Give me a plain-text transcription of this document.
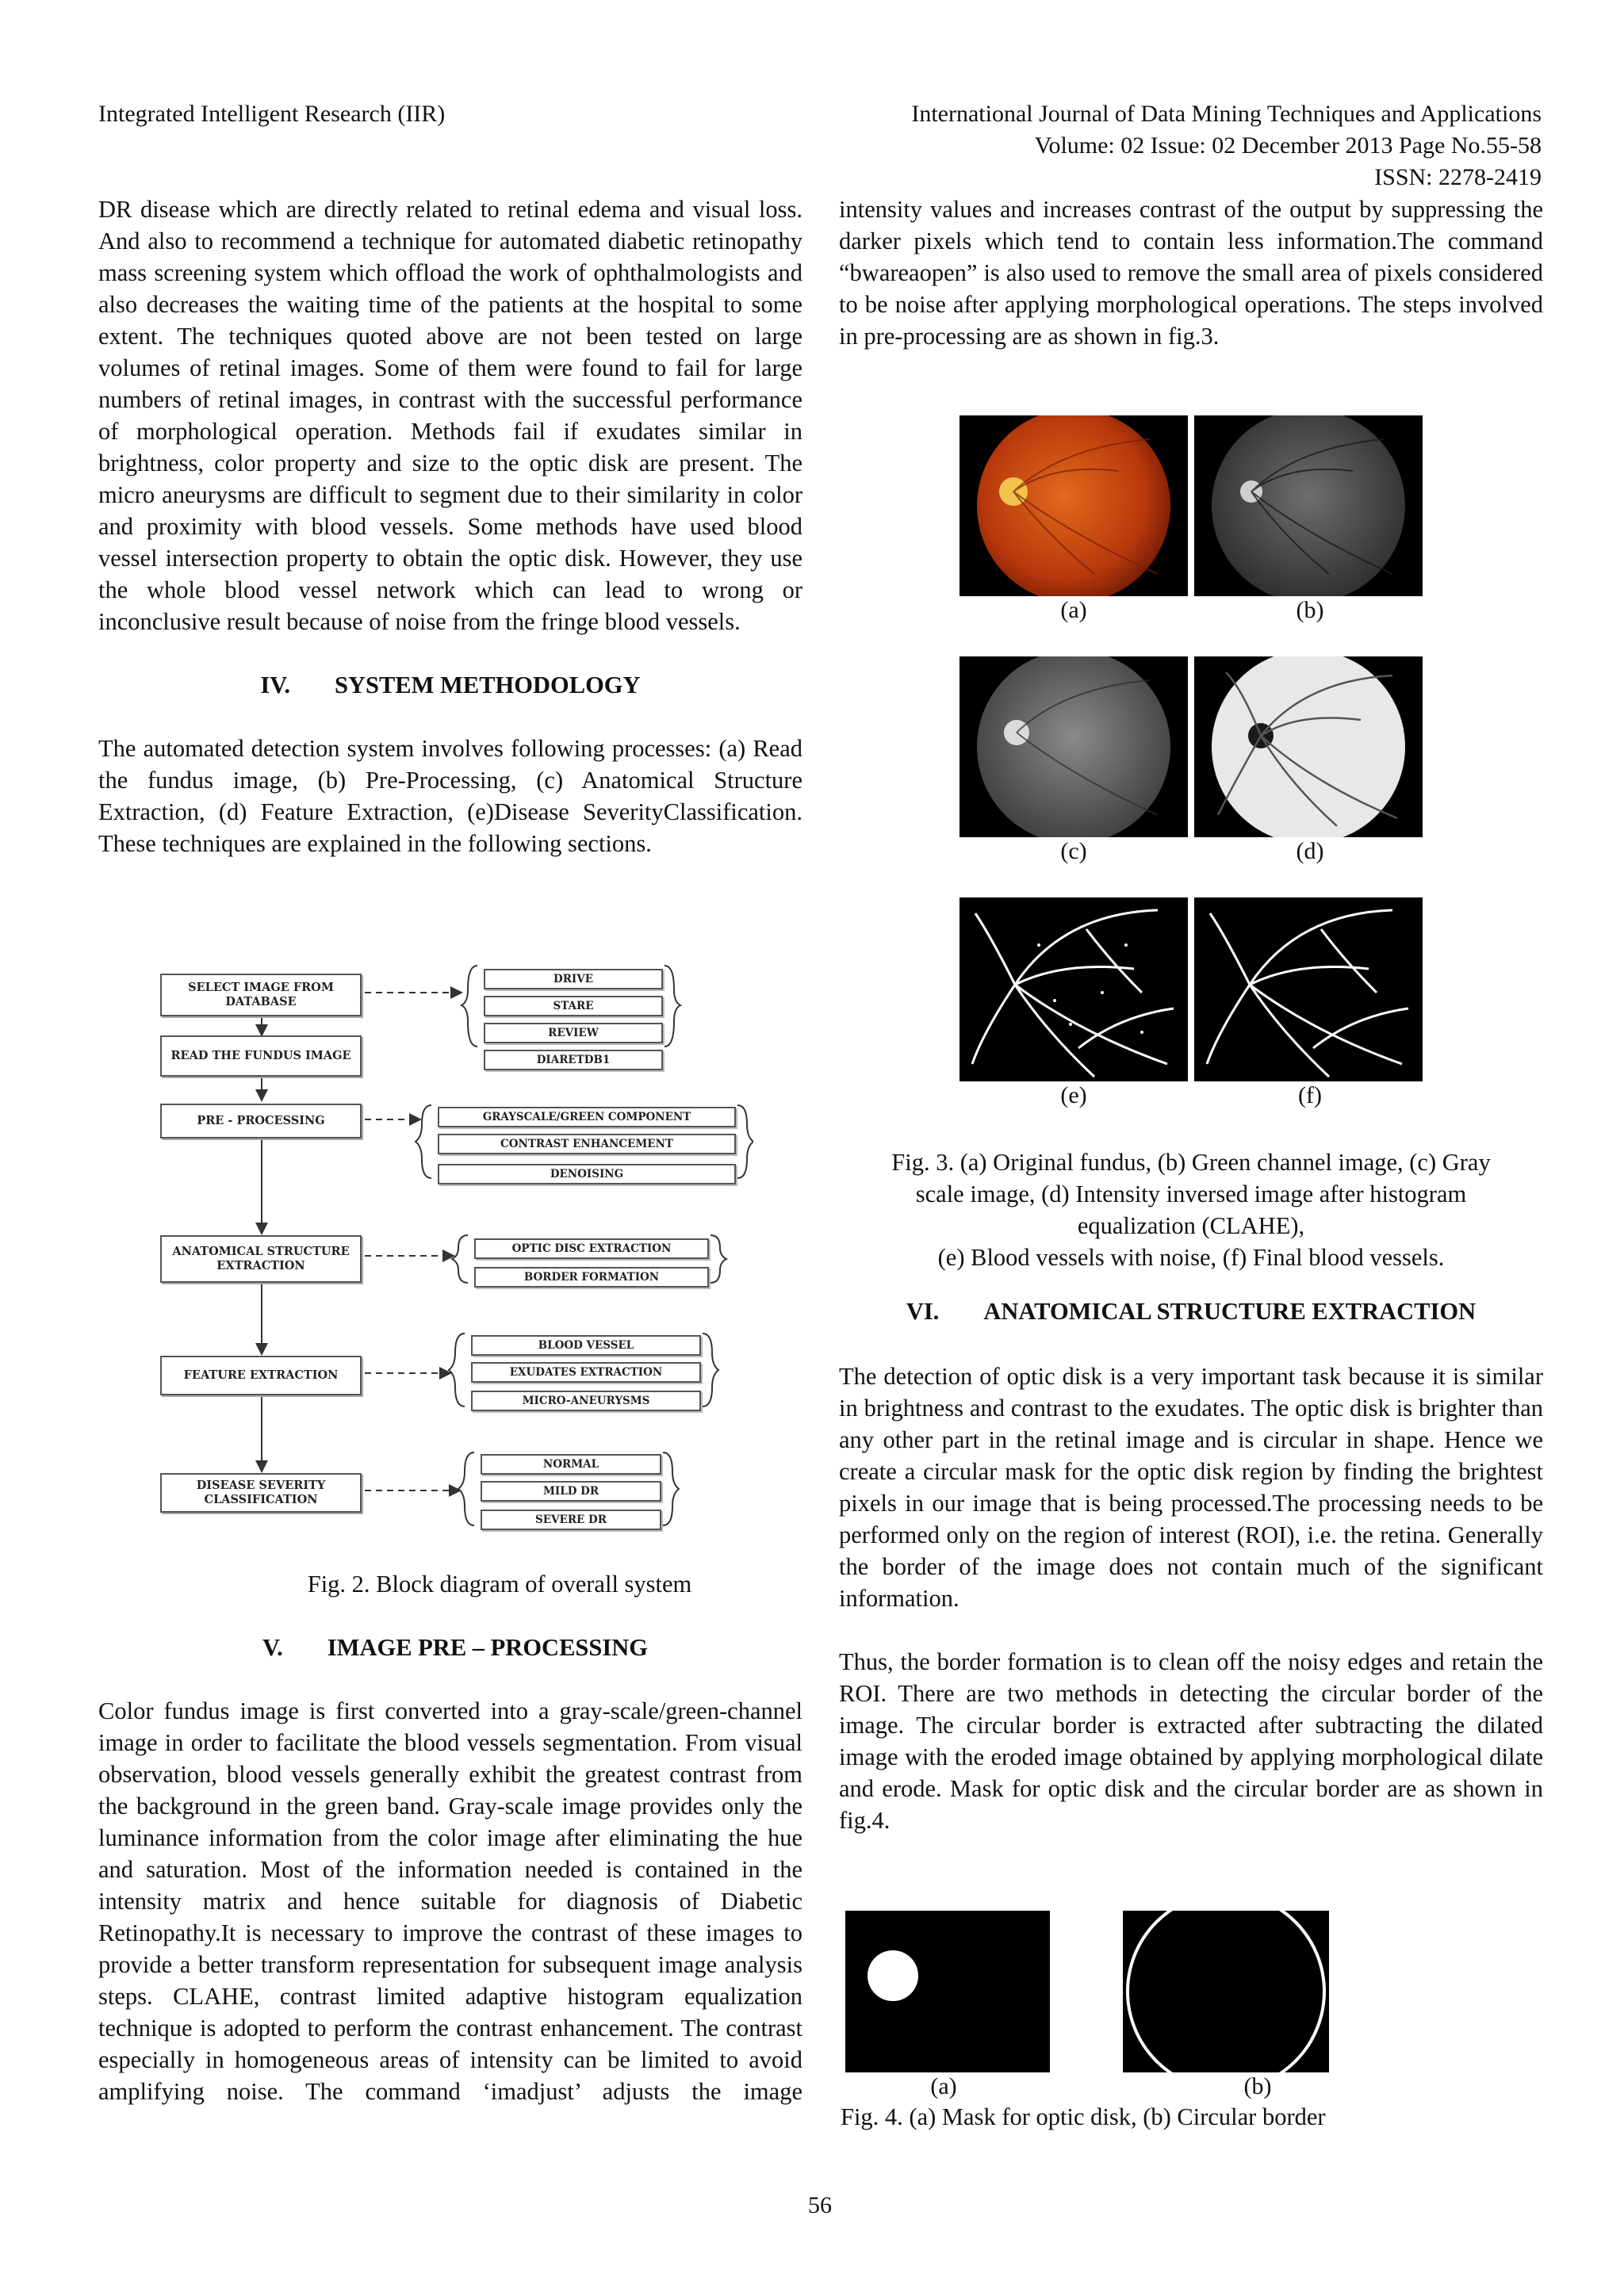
Integrated Intelligent Research (IIR)	International Journal of Data Mining Techniques and Applications
Volume: 02 Issue: 02 December 2013 Page No.55-58
ISSN: 2278-2419

DR disease which are directly related to retinal edema and visual loss. And also to recommend a technique for automated diabetic retinopathy mass screening system which offload the work of ophthalmologists and also decreases the waiting time of the patients at the hospital to some extent. The techniques quoted above are not been tested on large volumes of retinal images. Some of them were found to fail for large numbers of retinal images, in contrast with the successful performance of morphological operation. Methods fail if exudates similar in brightness, color property and size to the optic disk are present. The micro aneurysms are difficult to segment due to their similarity in color and proximity with blood vessels. Some methods have used blood vessel intersection property to obtain the optic disk. However, they use the whole blood vessel network which can lead to wrong or inconclusive result because of noise from the fringe blood vessels.

IV. SYSTEM METHODOLOGY

The automated detection system involves following processes: (a) Read the fundus image, (b) Pre-Processing, (c) Anatomical Structure Extraction, (d) Feature Extraction, (e)Disease SeverityClassification. These techniques are explained in the following sections.

SELECT IMAGE FROM DATABASE
READ THE FUNDUS IMAGE
PRE - PROCESSING
ANATOMICAL STRUCTURE EXTRACTION
FEATURE EXTRACTION
DISEASE SEVERITY CLASSIFICATION
DRIVE
STARE
REVIEW
DIARETDB1
GRAYSCALE/GREEN COMPONENT
CONTRAST ENHANCEMENT
DENOISING
OPTIC DISC EXTRACTION
BORDER FORMATION
BLOOD VESSEL
EXUDATES EXTRACTION
MICRO-ANEURYSMS
NORMAL
MILD DR
SEVERE DR
Fig. 2. Block diagram of overall system
V. IMAGE PRE – PROCESSING

Color fundus image is first converted into a gray-scale/green-channel image in order to facilitate the blood vessels segmentation. From visual observation, blood vessels generally exhibit the greatest contrast from the background in the green band. Gray-scale image provides only the luminance information from the color image after eliminating the hue and saturation. Most of the information needed is contained in the intensity matrix and hence suitable for diagnosis of Diabetic Retinopathy.It is necessary to improve the contrast of these images to provide a better transform representation for subsequent image analysis steps. CLAHE, contrast limited adaptive histogram equalization technique is adopted to perform the contrast enhancement. The contrast especially in homogeneous areas of intensity can be limited to avoid amplifying noise. The command ‘imadjust’ adjusts the image

intensity values and increases contrast of the output by suppressing the darker pixels which tend to contain less information.The command “bwareaopen” is also used to remove the small area of pixels considered to be noise after applying morphological operations. The steps involved in pre-processing are as shown in fig.3.

(a)	(b)
(c)	(d)
(e)	(f)
Fig. 3. (a) Original fundus, (b) Green channel image, (c) Gray
scale image, (d) Intensity inversed image after histogram
equalization (CLAHE),
(e) Blood vessels with noise, (f) Final blood vessels.
VI. ANATOMICAL STRUCTURE EXTRACTION

The detection of optic disk is a very important task because it is similar in brightness and contrast to the exudates. The optic disk is brighter than any other part in the retinal image and is circular in shape. Hence we create a circular mask for the optic disk region by finding the brightest pixels in our image that is being processed.The processing needs to be performed only on the region of interest (ROI), i.e. the retina. Generally the border of the image does not contain much of the significant information.

Thus, the border formation is to clean off the noisy edges and retain the ROI. There are two methods in detecting the circular border of the image. The circular border is extracted after subtracting the dilated image with the eroded image obtained by applying morphological dilate and erode. Mask for optic disk and the circular border are as shown in fig.4.

(a)	(b)
Fig. 4. (a) Mask for optic disk, (b) Circular border
56
